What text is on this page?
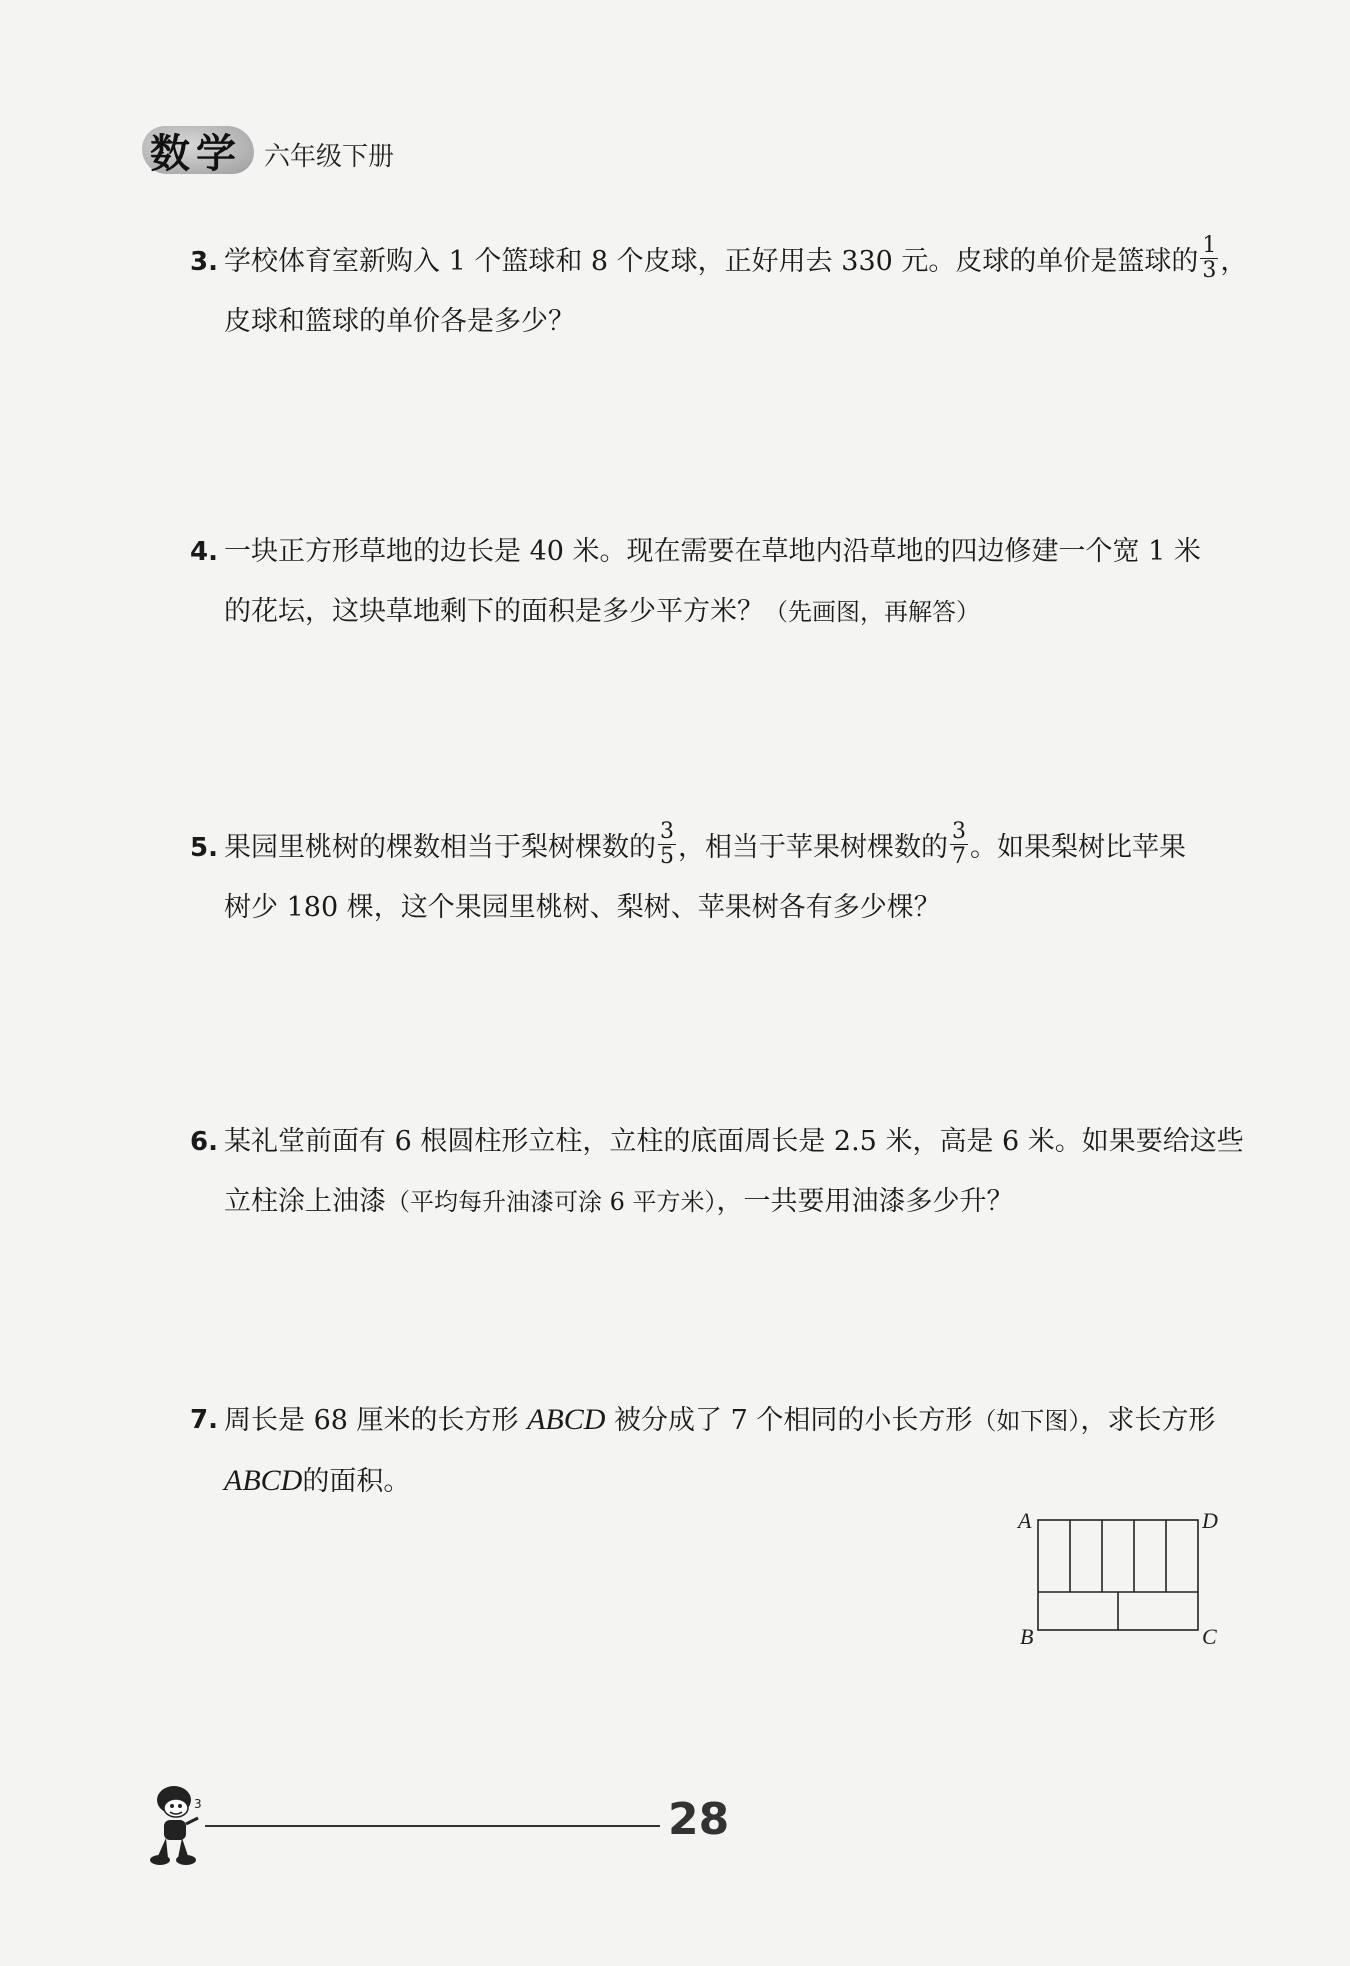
数学 六年级下册
3. 学校体育室新购入 1 个篮球和 8 个皮球，正好用去 330 元。皮球的单价是篮球的 $\frac{1}{3}$ ，
皮球和篮球的单价各是多少？
4. 一块正方形草地的边长是 40 米。现在需要在草地内沿草地的四边修建一个宽 1 米
的花坛，这块草地剩下的面积是多少平方米？（先画图，再解答）
5. 果园里桃树的棵数相当于梨树棵数的 $\frac{3}{5}$ ，相当于苹果树棵数的 $\frac{3}{7}$ 。如果梨树比苹果
树少 180 棵，这个果园里桃树、梨树、苹果树各有多少棵？
6. 某礼堂前面有 6 根圆柱形立柱，立柱的底面周长是 2.5 米，高是 6 米。如果要给这些
立柱涂上油漆（平均每升油漆可涂 6 平方米），一共要用油漆多少升？
7. 周长是 68 厘米的长方形 ABCD 被分成了 7 个相同的小长方形（如下图），求长方形
ABCD的面积。
A	D
B	C
3	28
